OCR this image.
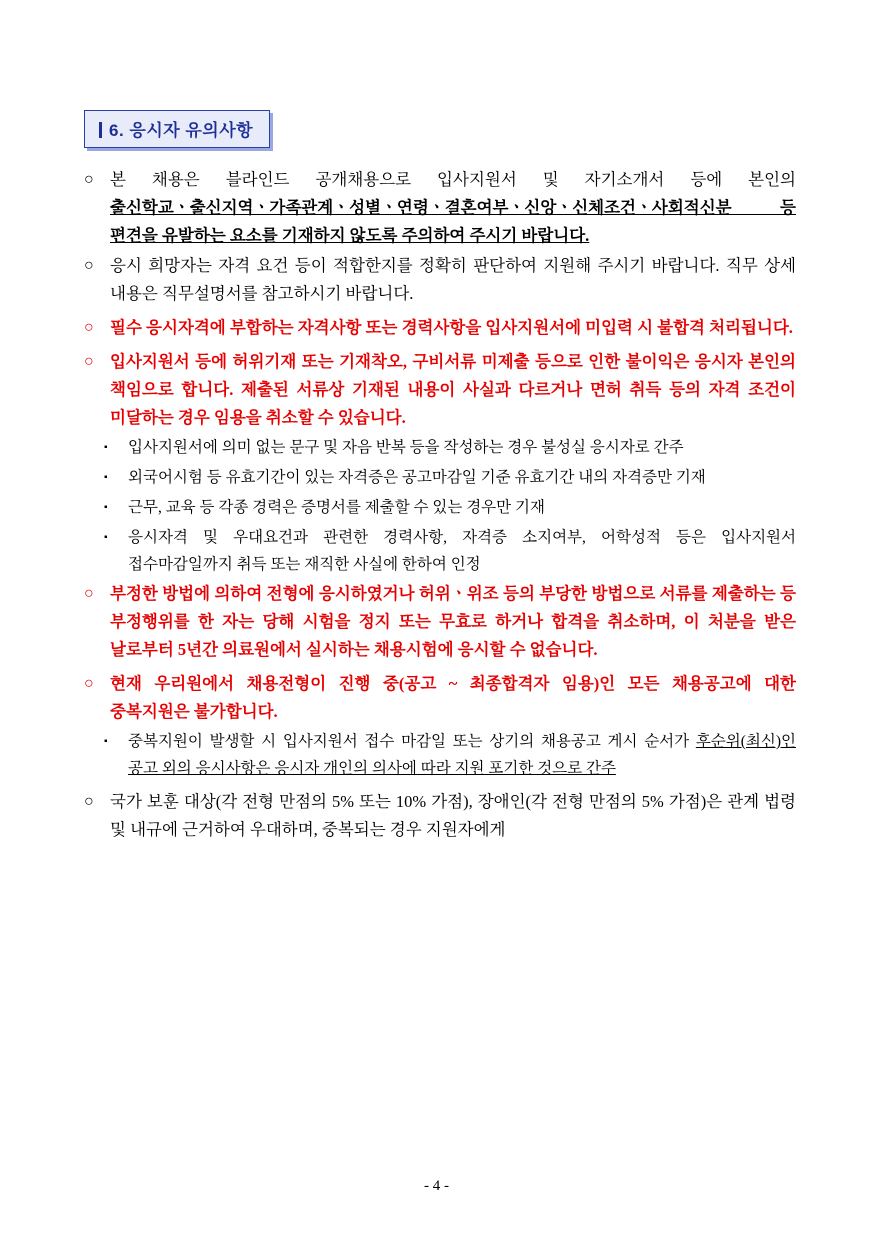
6. 응시자 유의사항
○ 본 채용은 블라인드 공개채용으로 입사지원서 및 자기소개서 등에 본인의 출신학교ㆍ출신지역ㆍ가족관계ㆍ성별ㆍ연령ㆍ결혼여부ㆍ신앙ㆍ신체조건ㆍ사회적신분 등 편견을 유발하는 요소를 기재하지 않도록 주의하여 주시기 바랍니다.
○ 응시 희망자는 자격 요건 등이 적합한지를 정확히 판단하여 지원해 주시기 바랍니다. 직무 상세 내용은 직무설명서를 참고하시기 바랍니다.
○ 필수 응시자격에 부합하는 자격사항 또는 경력사항을 입사지원서에 미입력 시 불합격 처리됩니다.
○ 입사지원서 등에 허위기재 또는 기재착오, 구비서류 미제출 등으로 인한 불이익은 응시자 본인의 책임으로 합니다. 제출된 서류상 기재된 내용이 사실과 다르거나 면허 취득 등의 자격 조건이 미달하는 경우 임용을 취소할 수 있습니다.
▪	입사지원서에 의미 없는 문구 및 자음 반복 등을 작성하는 경우 불성실 응시자로 간주
▪	외국어시험 등 유효기간이 있는 자격증은 공고마감일 기준 유효기간 내의 자격증만 기재
▪	근무, 교육 등 각종 경력은 증명서를 제출할 수 있는 경우만 기재
▪	응시자격 및 우대요건과 관련한 경력사항, 자격증 소지여부, 어학성적 등은 입사지원서 접수마감일까지 취득 또는 재직한 사실에 한하여 인정
○ 부정한 방법에 의하여 전형에 응시하였거나 허위ㆍ위조 등의 부당한 방법으로 서류를 제출하는 등 부정행위를 한 자는 당해 시험을 정지 또는 무효로 하거나 합격을 취소하며, 이 처분을 받은 날로부터 5년간 의료원에서 실시하는 채용시험에 응시할 수 없습니다.
○ 현재 우리원에서 채용전형이 진행 중(공고 ~ 최종합격자 임용)인 모든 채용공고에 대한 중복지원은 불가합니다.
▪	중복지원이 발생할 시 입사지원서 접수 마감일 또는 상기의 채용공고 게시 순서가 후순위(최신)인 공고 외의 응시사항은 응시자 개인의 의사에 따라 지원 포기한 것으로 간주
○ 국가 보훈 대상(각 전형 만점의 5% 또는 10% 가점), 장애인(각 전형 만점의 5% 가점)은 관계 법령 및 내규에 근거하여 우대하며, 중복되는 경우 지원자에게
- 4 -
